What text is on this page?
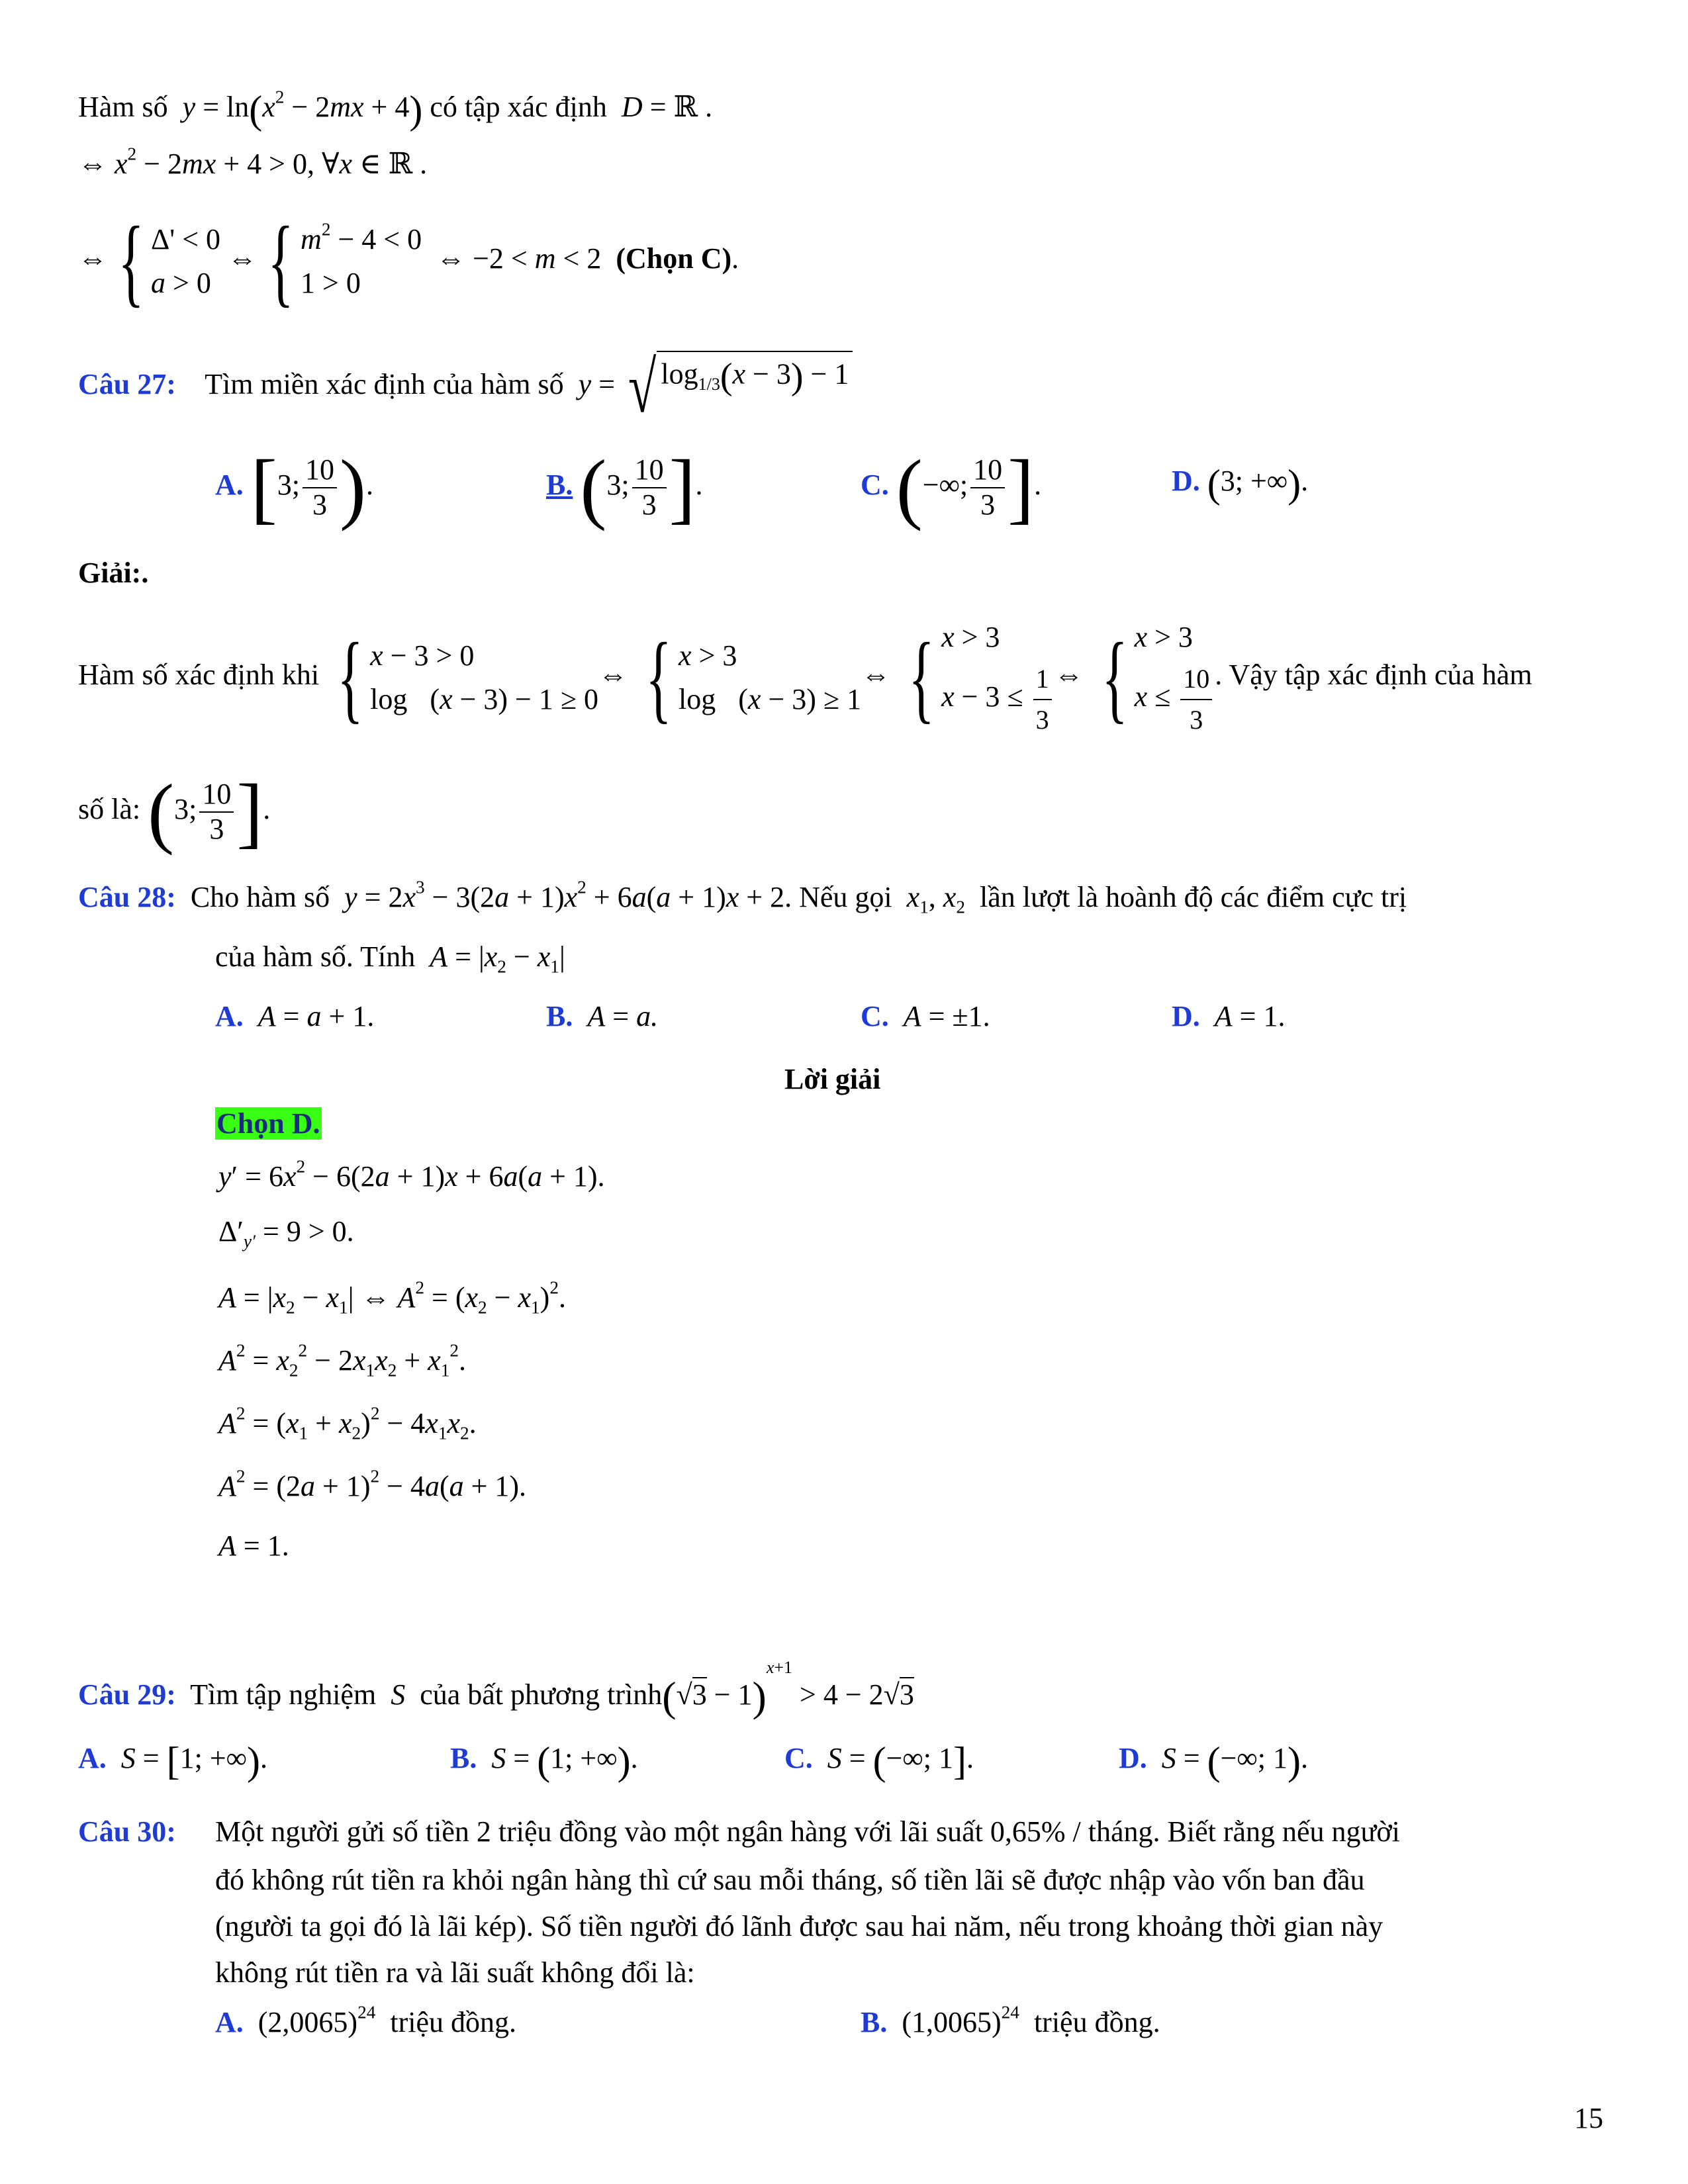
Hàm số $y = \ln(x^2 - 2mx + 4)$ có tập xác định D = ℝ .
⇔ $x^2 - 2mx + 4 > 0$, ∀x ∈ ℝ .
⇔ { Δ' < 0
a > 0
⇔ { $m^2 - 4 < 0$
1 > 0
⇔ −2 < m < 2  (Chọn C).
Câu 27: Tìm miền xác định của hàm số y = √ $\log_{1/3}(x - 3) - 1$
A. [3; $\frac{10}{3}$ ).	B. (3; $\frac{10}{3}$ ].	C. (−∞; $\frac{10}{3}$ ].	D. (3; +∞).
Giải:.
Hàm số xác định khi { x − 3 > 0
log (x − 3) − 1 ≥ 0
⇔ { x > 3
log (x − 3) ≥ 1
⇔ { x > 3
$x - 3 \le \frac{1}{3}$ ⇔ { x > 3
$x \le \frac{10}{3}$ . Vậy tập xác định của hàm
số là: (3; $\frac{10}{3}$ ].
Câu 28: Cho hàm số $y = 2x^3 - 3(2a + 1)x^2 + 6a(a + 1)x + 2$. Nếu gọi $x_1$, $x_2$ lần lượt là hoành độ các điểm cực trị
của hàm số. Tính $A = |x_2 - x_1|$
A. A = a + 1.	B. A = a.	C. A = ±1.	D. A = 1.
Lời giải
Chọn D.
$y' = 6x^2 - 6(2a + 1)x + 6a(a + 1)$.
$\Delta'_{y'} = 9 > 0$.
$A = |x_2 - x_1|$ ⇔ $A^2 = (x_2 - x_1)^2$.
$A^2 = x_2^2 - 2x_1x_2 + x_1^2$.
$A^2 = (x_1 + x_2)^2 - 4x_1x_2$.
$A^2 = (2a + 1)^2 - 4a(a + 1)$.
A = 1.
Câu 29: Tìm tập nghiệm S của bất phương trình(√3 − 1)$^{x+1}$ > 4 − 2√3
A. S = [1; +∞).	B. S = (1; +∞).	C. S = (−∞; 1].	D. S = (−∞; 1).
Câu 30: Một người gửi số tiền 2 triệu đồng vào một ngân hàng với lãi suất 0,65% / tháng. Biết rằng nếu người
đó không rút tiền ra khỏi ngân hàng thì cứ sau mỗi tháng, số tiền lãi sẽ được nhập vào vốn ban đầu
(người ta gọi đó là lãi kép). Số tiền người đó lãnh được sau hai năm, nếu trong khoảng thời gian này
không rút tiền ra và lãi suất không đổi là:
A.  $(2,0065)^{24}$ triệu đồng.	B.  $(1,0065)^{24}$ triệu đồng.
15
